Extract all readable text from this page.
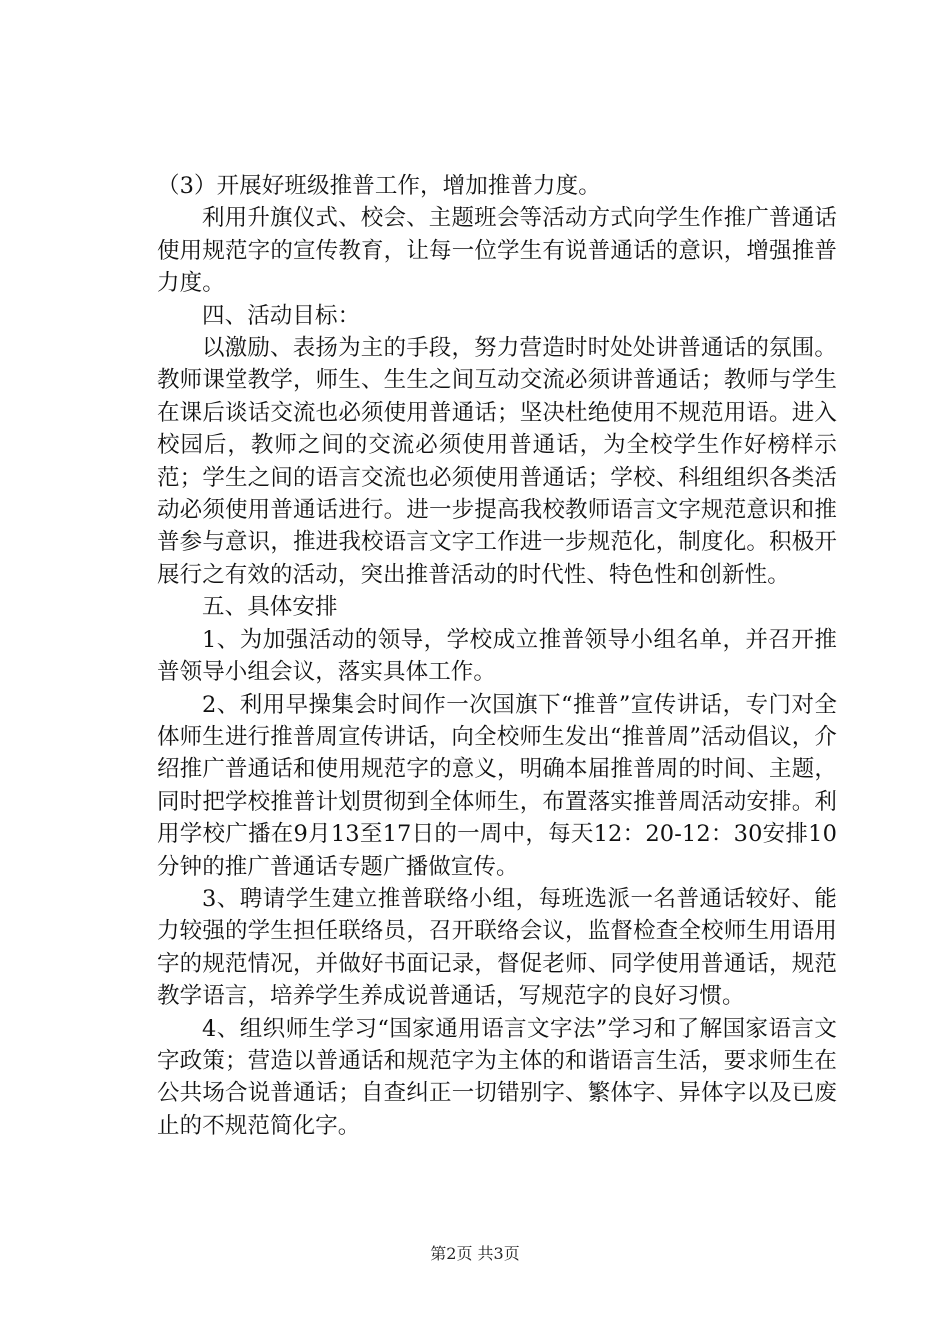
（3）开展好班级推普工作，增加推普力度。

利用升旗仪式、校会、主题班会等活动方式向学生作推广普通话使用规范字的宣传教育，让每一位学生有说普通话的意识，增强推普力度。

四、活动目标：

以激励、表扬为主的手段，努力营造时时处处讲普通话的氛围。教师课堂教学，师生、生生之间互动交流必须讲普通话；教师与学生在课后谈话交流也必须使用普通话；坚决杜绝使用不规范用语。进入校园后，教师之间的交流必须使用普通话，为全校学生作好榜样示范；学生之间的语言交流也必须使用普通话；学校、科组组织各类活动必须使用普通话进行。进一步提高我校教师语言文字规范意识和推普参与意识，推进我校语言文字工作进一步规范化，制度化。积极开展行之有效的活动，突出推普活动的时代性、特色性和创新性。

五、具体安排

1、为加强活动的领导，学校成立推普领导小组名单，并召开推普领导小组会议，落实具体工作。

2、利用早操集会时间作一次国旗下“推普”宣传讲话，专门对全体师生进行推普周宣传讲话，向全校师生发出“推普周”活动倡议，介绍推广普通话和使用规范字的意义，明确本届推普周的时间、主题，同时把学校推普计划贯彻到全体师生，布置落实推普周活动安排。利用学校广播在9月13至17日的一周中，每天12：20-12：30安排10分钟的推广普通话专题广播做宣传。

3、聘请学生建立推普联络小组，每班选派一名普通话较好、能力较强的学生担任联络员，召开联络会议，监督检查全校师生用语用字的规范情况，并做好书面记录，督促老师、同学使用普通话，规范教学语言，培养学生养成说普通话，写规范字的良好习惯。

4、组织师生学习“国家通用语言文字法”学习和了解国家语言文字政策；营造以普通话和规范字为主体的和谐语言生活，要求师生在公共场合说普通话；自查纠正一切错别字、繁体字、异体字以及已废止的不规范简化字。

第2页 共3页
